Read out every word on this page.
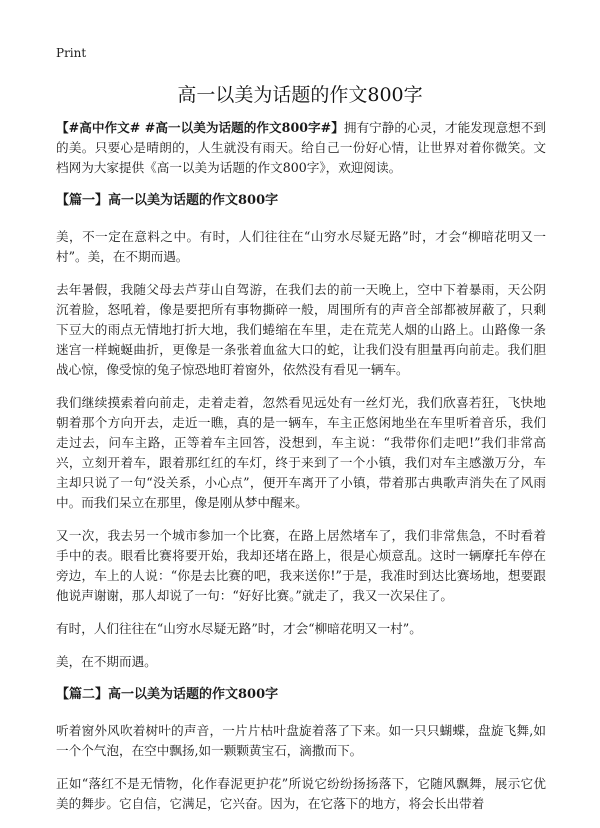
Print
高一以美为话题的作文800字

【#高中作文# #高一以美为话题的作文800字#】拥有宁静的心灵，才能发现意想不到的美。只要心是晴朗的，人生就没有雨天。给自己一份好心情，让世界对着你微笑。文档网为大家提供《高一以美为话题的作文800字》，欢迎阅读。

【篇一】高一以美为话题的作文800字

美，不一定在意料之中。有时，人们往往在“山穷水尽疑无路”时，才会“柳暗花明又一村”。美，在不期而遇。

去年暑假，我随父母去芦芽山自驾游，在我们去的前一天晚上，空中下着暴雨，天公阴沉着脸，怒吼着，像是要把所有事物撕碎一般，周围所有的声音全部都被屏蔽了，只剩下豆大的雨点无情地打折大地，我们蜷缩在车里，走在荒芜人烟的山路上。山路像一条迷宫一样蜿蜒曲折，更像是一条张着血盆大口的蛇，让我们没有胆量再向前走。我们胆战心惊，像受惊的兔子惊恐地盯着窗外，依然没有看见一辆车。

我们继续摸索着向前走，走着走着，忽然看见远处有一丝灯光，我们欣喜若狂，飞快地朝着那个方向开去，走近一瞧，真的是一辆车，车主正悠闲地坐在车里听着音乐，我们走过去，问车主路，正等着车主回答，没想到，车主说：“我带你们走吧!”我们非常高兴，立刻开着车，跟着那红红的车灯，终于来到了一个小镇，我们对车主感激万分，车主却只说了一句“没关系，小心点”，便开车离开了小镇，带着那古典歌声消失在了风雨中。而我们呆立在那里，像是刚从梦中醒来。

又一次，我去另一个城市参加一个比赛，在路上居然堵车了，我们非常焦急，不时看着手中的表。眼看比赛将要开始，我却还堵在路上，很是心烦意乱。这时一辆摩托车停在旁边，车上的人说：“你是去比赛的吧，我来送你!”于是，我准时到达比赛场地，想要跟他说声谢谢，那人却说了一句：“好好比赛。”就走了，我又一次呆住了。

有时，人们往往在“山穷水尽疑无路”时，才会“柳暗花明又一村”。

美，在不期而遇。

【篇二】高一以美为话题的作文800字

听着窗外风吹着树叶的声音，一片片枯叶盘旋着落了下来。如一只只蝴蝶，盘旋飞舞,如一个个气泡，在空中飘扬,如一颗颗黄宝石，滴撒而下。

正如“落红不是无情物，化作春泥更护花”所说它纷纷扬扬落下，它随风飘舞，展示它优美的舞步。它自信，它满足，它兴奋。因为，在它落下的地方，将会长出带着
